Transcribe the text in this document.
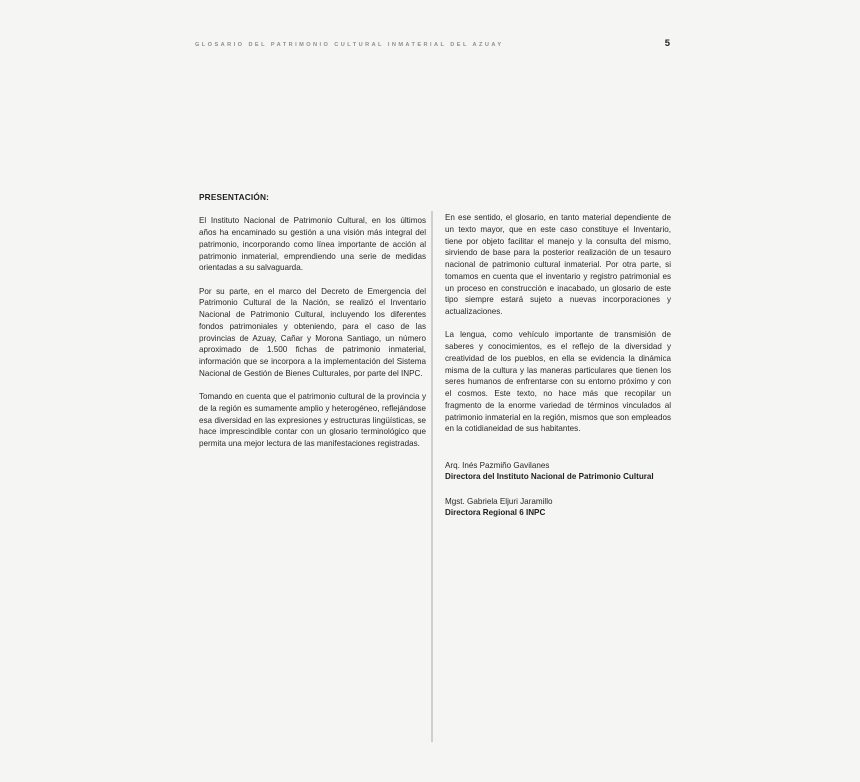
GLOSARIO DEL PATRIMONIO CULTURAL INMATERIAL DEL AZUAY	5
PRESENTACIÓN:

El Instituto Nacional de Patrimonio Cultural, en los últimos años ha encaminado su gestión a una visión más integral del patrimonio, incorporando como línea importante de acción al patrimonio inmaterial, emprendiendo una serie de medidas orientadas a su salvaguarda.

Por su parte, en el marco del Decreto de Emergencia del Patrimonio Cultural de la Nación, se realizó el Inventario Nacional de Patrimonio Cultural, incluyendo los diferentes fondos patrimoniales y obteniendo, para el caso de las provincias de Azuay, Cañar y Morona Santiago, un número aproximado de 1.500 fichas de patrimonio inmaterial, información que se incorpora a la implementación del Sistema Nacional de Gestión de Bienes Culturales, por parte del INPC.

Tomando en cuenta que el patrimonio cultural de la provincia y de la región es sumamente amplio y heterogéneo, reflejándose esa diversidad en las expresiones y estructuras lingüísticas, se hace imprescindible contar con un glosario terminológico que permita una mejor lectura de las manifestaciones registradas.

En ese sentido, el glosario, en tanto material dependiente de un texto mayor, que en este caso constituye el Inventario, tiene por objeto facilitar el manejo y la consulta del mismo, sirviendo de base para la posterior realización de un tesauro nacional de patrimonio cultural inmaterial. Por otra parte, si tomamos en cuenta que el inventario y registro patrimonial es un proceso en construcción e inacabado, un glosario de este tipo siempre estará sujeto a nuevas incorporaciones y actualizaciones.

La lengua, como vehículo importante de transmisión de saberes y conocimientos, es el reflejo de la diversidad y creatividad de los pueblos, en ella se evidencia la dinámica misma de la cultura y las maneras particulares que tienen los seres humanos de enfrentarse con su entorno próximo y con el cosmos. Este texto, no hace más que recopilar un fragmento de la enorme variedad de términos vinculados al patrimonio inmaterial en la región, mismos que son empleados en la cotidianeidad de sus habitantes.

Arq. Inés Pazmiño Gavilanes
Directora del Instituto Nacional de Patrimonio Cultural
Mgst. Gabriela Eljuri Jaramillo
Directora Regional 6 INPC
